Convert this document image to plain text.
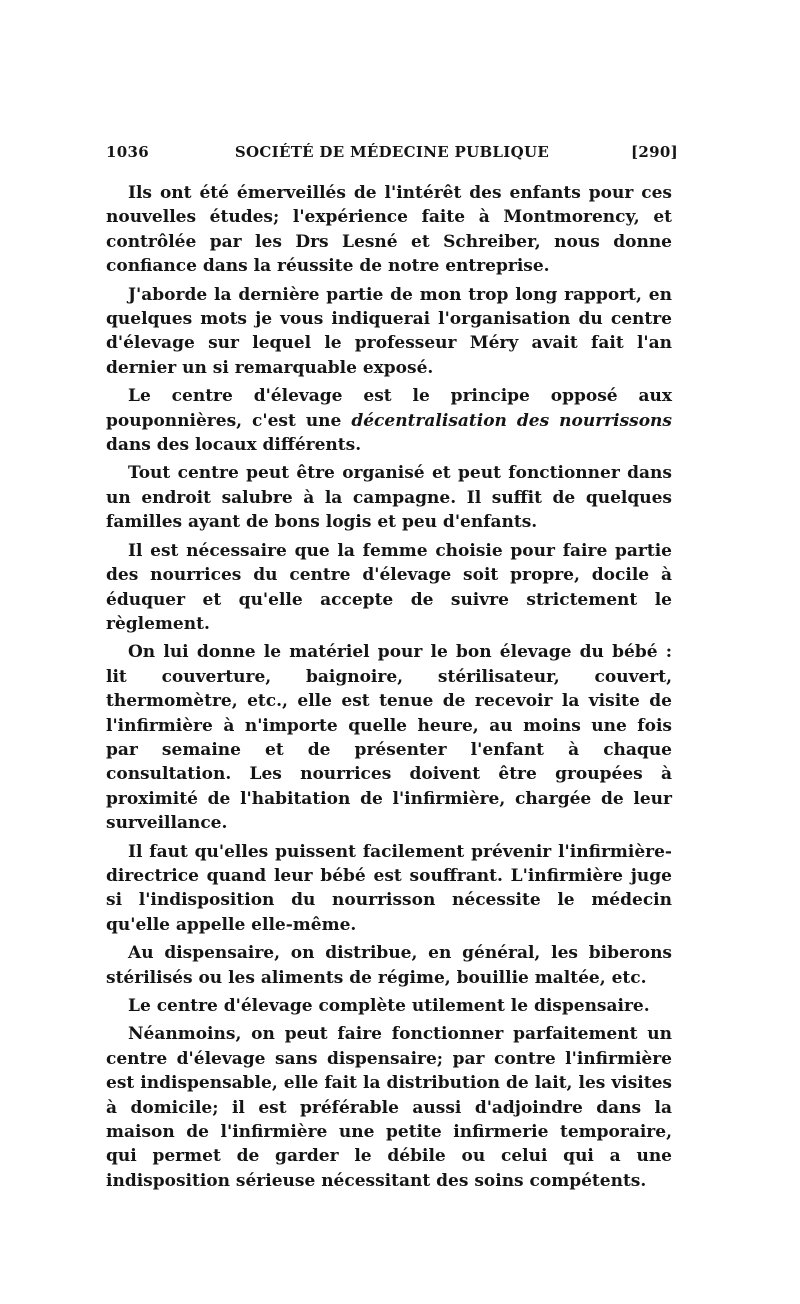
1036	SOCIÉTÉ DE MÉDECINE PUBLIQUE	[290]

Ils ont été émerveillés de l'intérêt des enfants pour ces nouvelles études; l'expérience faite à Montmorency, et contrôlée par les Drs Lesné et Schreiber, nous donne confiance dans la réussite de notre entreprise.

J'aborde la dernière partie de mon trop long rapport, en quelques mots je vous indiquerai l'organisation du centre d'élevage sur lequel le professeur Méry avait fait l'an dernier un si remarquable exposé.

Le centre d'élevage est le principe opposé aux pouponnières, c'est une décentralisation des nourrissons dans des locaux différents.

Tout centre peut être organisé et peut fonctionner dans un endroit salubre à la campagne. Il suffit de quelques familles ayant de bons logis et peu d'enfants.

Il est nécessaire que la femme choisie pour faire partie des nourrices du centre d'élevage soit propre, docile à éduquer et qu'elle accepte de suivre strictement le règlement.

On lui donne le matériel pour le bon élevage du bébé : lit couverture, baignoire, stérilisateur, couvert, thermomètre, etc., elle est tenue de recevoir la visite de l'infirmière à n'importe quelle heure, au moins une fois par semaine et de présenter l'enfant à chaque consultation. Les nourrices doivent être groupées à proximité de l'habitation de l'infirmière, chargée de leur surveillance.

Il faut qu'elles puissent facilement prévenir l'infirmière-directrice quand leur bébé est souffrant. L'infirmière juge si l'indisposition du nourrisson nécessite le médecin qu'elle appelle elle-même.

Au dispensaire, on distribue, en général, les biberons stérilisés ou les aliments de régime, bouillie maltée, etc.

Le centre d'élevage complète utilement le dispensaire.

Néanmoins, on peut faire fonctionner parfaitement un centre d'élevage sans dispensaire; par contre l'infirmière est indispensable, elle fait la distribution de lait, les visites à domicile; il est préférable aussi d'adjoindre dans la maison de l'infirmière une petite infirmerie temporaire, qui permet de garder le débile ou celui qui a une indisposition sérieuse nécessitant des soins compétents.
